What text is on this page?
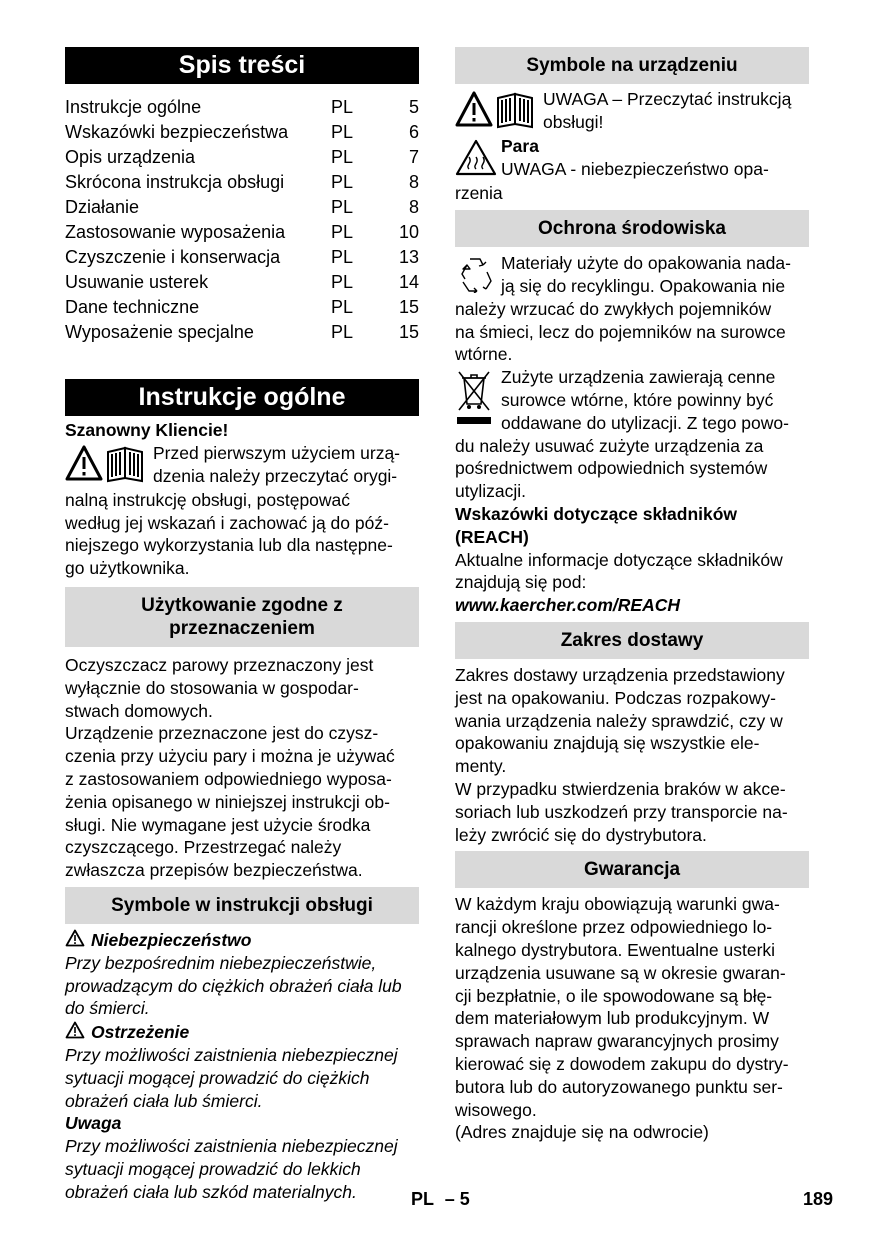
Spis treści
Instrukcje ogólne	PL	5
Wskazówki bezpieczeństwa	PL	6
Opis urządzenia	PL	7
Skrócona instrukcja obsługi	PL	8
Działanie	PL	8
Zastosowanie wyposażenia	PL	10
Czyszczenie i konserwacja	PL	13
Usuwanie usterek	PL	14
Dane techniczne	PL	15
Wyposażenie specjalne	PL	15
Instrukcje ogólne

Szanowny Kliencie!

Przed pierwszym użyciem urzą-

dzenia należy przeczytać orygi-

nalną instrukcję obsługi, postępować

według jej wskazań i zachować ją do póź-

niejszego wykorzystania lub dla następne-

go użytkownika.

Użytkowanie zgodne z
przeznaczeniem

Oczyszczacz parowy przeznaczony jest

wyłącznie do stosowania w gospodar-

stwach domowych.

Urządzenie przeznaczone jest do czysz-

czenia przy użyciu pary i można je używać

z zastosowaniem odpowiedniego wyposa-

żenia opisanego w niniejszej instrukcji ob-

sługi. Nie wymagane jest użycie środka

czyszczącego. Przestrzegać należy

zwłaszcza przepisów bezpieczeństwa.

Symbole w instrukcji obsługi

Niebezpieczeństwo

Przy bezpośrednim niebezpieczeństwie,

prowadzącym do ciężkich obrażeń ciała lub

do śmierci.

Ostrzeżenie

Przy możliwości zaistnienia niebezpiecznej

sytuacji mogącej prowadzić do ciężkich

obrażeń ciała lub śmierci.

Uwaga

Przy możliwości zaistnienia niebezpiecznej

sytuacji mogącej prowadzić do lekkich

obrażeń ciała lub szkód materialnych.

Symbole na urządzeniu

UWAGA – Przeczytać instrukcją

obsługi!

Para

UWAGA - niebezpieczeństwo opa-

rzenia

Ochrona środowiska

Materiały użyte do opakowania nada-

ją się do recyklingu. Opakowania nie

należy wrzucać do zwykłych pojemników

na śmieci, lecz do pojemników na surowce

wtórne.

Zużyte urządzenia zawierają cenne

surowce wtórne, które powinny być

oddawane do utylizacji. Z tego powo-

du należy usuwać zużyte urządzenia za

pośrednictwem odpowiednich systemów

utylizacji.

Wskazówki dotyczące składników

(REACH)

Aktualne informacje dotyczące składników

znajdują się pod:

www.kaercher.com/REACH

Zakres dostawy

Zakres dostawy urządzenia przedstawiony

jest na opakowaniu. Podczas rozpakowy-

wania urządzenia należy sprawdzić, czy w

opakowaniu znajdują się wszystkie ele-

menty.

W przypadku stwierdzenia braków w akce-

soriach lub uszkodzeń przy transporcie na-

leży zwrócić się do dystrybutora.

Gwarancja

W każdym kraju obowiązują warunki gwa-

rancji określone przez odpowiedniego lo-

kalnego dystrybutora. Ewentualne usterki

urządzenia usuwane są w okresie gwaran-

cji bezpłatnie, o ile spowodowane są błę-

dem materiałowym lub produkcyjnym. W

sprawach napraw gwarancyjnych prosimy

kierować się z dowodem zakupu do dystry-

butora lub do autoryzowanego punktu ser-

wisowego.

(Adres znajduje się na odwrocie)

PL – 5	189
